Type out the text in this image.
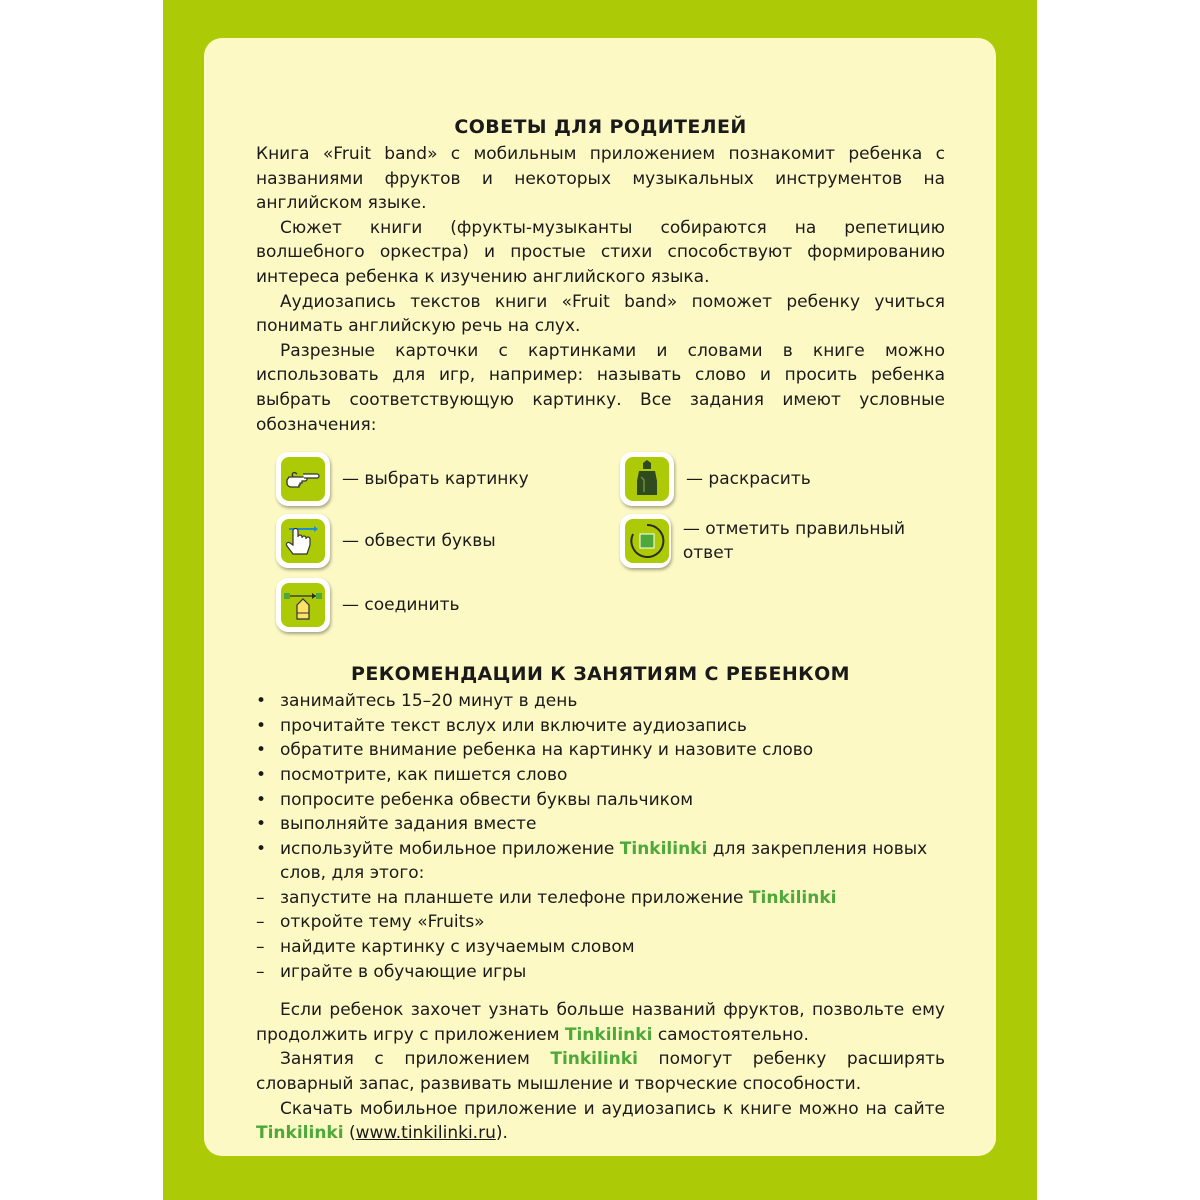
СОВЕТЫ ДЛЯ РОДИТЕЛЕЙ

Книга «Fruit band» с мобильным приложением познакомит ребенка с названиями фруктов и некоторых музыкальных инструментов на английском языке.

Сюжет книги (фрукты-музыканты собираются на репетицию волшебного оркестра) и простые стихи способствуют формированию интереса ребенка к изучению английского языка.

Аудиозапись текстов книги «Fruit band» поможет ребенку учиться понимать английскую речь на слух.

Разрезные карточки с картинками и словами в книге можно использовать для игр, например: называть слово и просить ребенка выбрать соответствующую картинку. Все задания имеют условные обозначения:

— выбрать картинку	— раскрасить
— обвести буквы
— отметить правильный ответ
— соединить
РЕКОМЕНДАЦИИ К ЗАНЯТИЯМ С РЕБЕНКОМ
• занимайтесь 15–20 минут в день
• прочитайте текст вслух или включите аудиозапись
• обратите внимание ребенка на картинку и назовите слово
• посмотрите, как пишется слово
• попросите ребенка обвести буквы пальчиком
• выполняйте задания вместе
• используйте мобильное приложение Tinkilinki для закрепления новых слов, для этого:
– запустите на планшете или телефоне приложение Tinkilinki
– откройте тему «Fruits»
– найдите картинку с изучаемым словом
– играйте в обучающие игры

Если ребенок захочет узнать больше названий фруктов, позвольте ему продолжить игру с приложением Tinkilinki самостоятельно.

Занятия с приложением Tinkilinki помогут ребенку расширять словарный запас, развивать мышление и творческие способности.

Скачать мобильное приложение и аудиозапись к книге можно на сайте Tinkilinki (www.tinkilinki.ru).
